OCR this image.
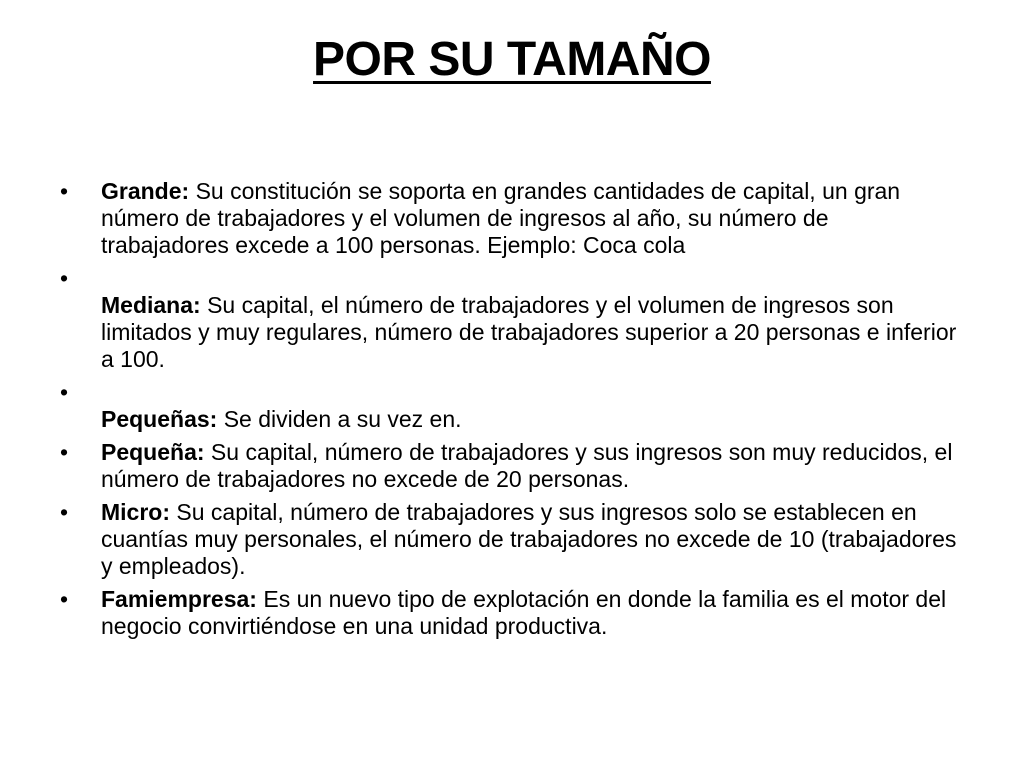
POR SU TAMAÑO
• Grande: Su constitución se soporta en grandes cantidades de capital, un gran número de trabajadores y el volumen de ingresos al año, su número de trabajadores excede a 100 personas. Ejemplo: Coca cola
•
Mediana: Su capital, el número de trabajadores y el volumen de ingresos son limitados y muy regulares, número de trabajadores superior a 20 personas e inferior a 100.
•
Pequeñas: Se dividen a su vez en.
• Pequeña: Su capital, número de trabajadores y sus ingresos son muy reducidos, el número de trabajadores no excede de 20 personas.
• Micro: Su capital, número de trabajadores y sus ingresos solo se establecen en cuantías muy personales, el número de trabajadores no excede de 10 (trabajadores y empleados).
• Famiempresa: Es un nuevo tipo de explotación en donde la familia es el motor del negocio convirtiéndose en una unidad productiva.
